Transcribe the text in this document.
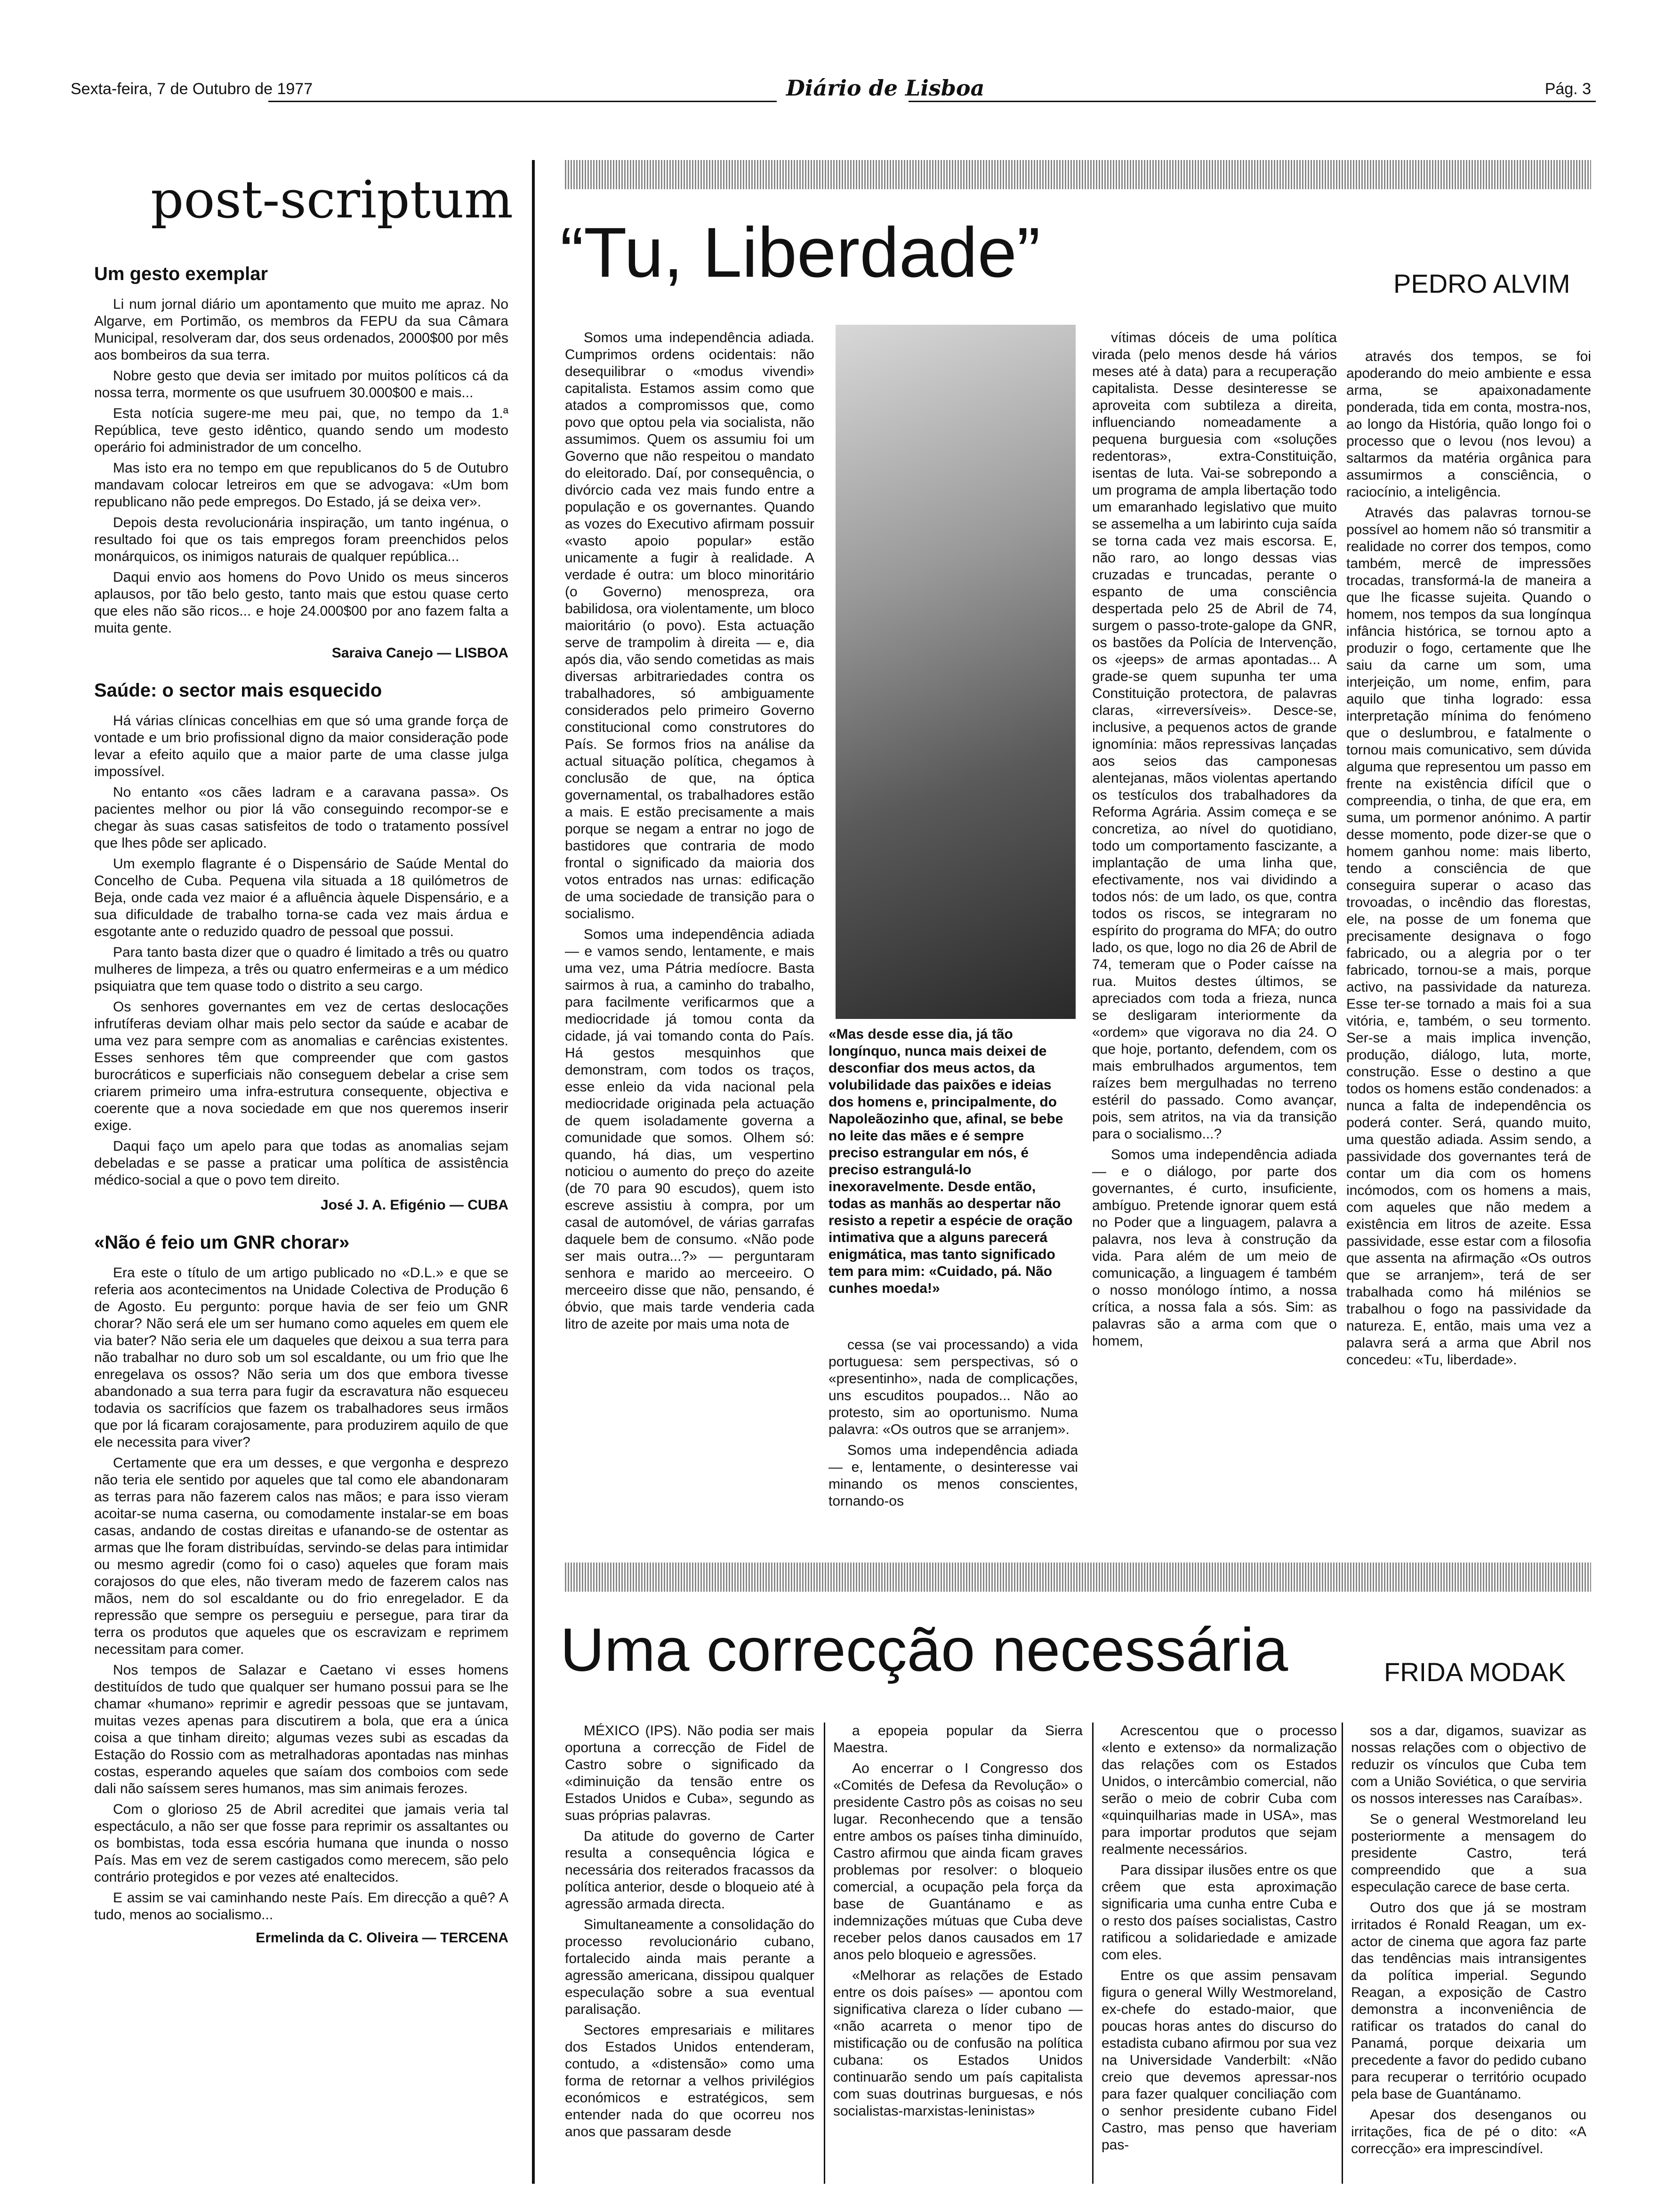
Sexta-feira, 7 de Outubro de 1977	Diário de Lisboa	Pág. 3
post-scriptum
Um gesto exemplar

Li num jornal diário um apontamento que muito me apraz. No Algarve, em Portimão, os membros da FEPU da sua Câmara Municipal, resolveram dar, dos seus ordenados, 2000$00 por mês aos bombeiros da sua terra.

Nobre gesto que devia ser imitado por muitos políticos cá da nossa terra, mormente os que usufruem 30.000$00 e mais...

Esta notícia sugere-me meu pai, que, no tempo da 1.ª República, teve gesto idêntico, quando sendo um modesto operário foi administrador de um concelho.

Mas isto era no tempo em que republicanos do 5 de Outubro mandavam colocar letreiros em que se advogava: «Um bom republicano não pede empregos. Do Estado, já se deixa ver».

Depois desta revolucionária inspiração, um tanto ingénua, o resultado foi que os tais empregos foram preenchidos pelos monárquicos, os inimigos naturais de qualquer república...

Daqui envio aos homens do Povo Unido os meus sinceros aplausos, por tão belo gesto, tanto mais que estou quase certo que eles não são ricos... e hoje 24.000$00 por ano fazem falta a muita gente.

Saraiva Canejo — LISBOA
Saúde: o sector mais esquecido

Há várias clínicas concelhias em que só uma grande força de vontade e um brio profissional digno da maior consideração pode levar a efeito aquilo que a maior parte de uma classe julga impossível.

No entanto «os cães ladram e a caravana passa». Os pacientes melhor ou pior lá vão conseguindo recompor-se e chegar às suas casas satisfeitos de todo o tratamento possível que lhes pôde ser aplicado.

Um exemplo flagrante é o Dispensário de Saúde Mental do Concelho de Cuba. Pequena vila situada a 18 quilómetros de Beja, onde cada vez maior é a afluência àquele Dispensário, e a sua dificuldade de trabalho torna-se cada vez mais árdua e esgotante ante o reduzido quadro de pessoal que possui.

Para tanto basta dizer que o quadro é limitado a três ou quatro mulheres de limpeza, a três ou quatro enfermeiras e a um médico psiquiatra que tem quase todo o distrito a seu cargo.

Os senhores governantes em vez de certas deslocações infrutíferas deviam olhar mais pelo sector da saúde e acabar de uma vez para sempre com as anomalias e carências existentes. Esses senhores têm que compreender que com gastos burocráticos e superficiais não conseguem debelar a crise sem criarem primeiro uma infra-estrutura consequente, objectiva e coerente que a nova sociedade em que nos queremos inserir exige.

Daqui faço um apelo para que todas as anomalias sejam debeladas e se passe a praticar uma política de assistência médico-social a que o povo tem direito.

José J. A. Efigénio — CUBA
«Não é feio um GNR chorar»

Era este o título de um artigo publicado no «D.L.» e que se referia aos acontecimentos na Unidade Colectiva de Produção 6 de Agosto. Eu pergunto: porque havia de ser feio um GNR chorar? Não será ele um ser humano como aqueles em quem ele via bater? Não seria ele um daqueles que deixou a sua terra para não trabalhar no duro sob um sol escaldante, ou um frio que lhe enregelava os ossos? Não seria um dos que embora tivesse abandonado a sua terra para fugir da escravatura não esqueceu todavia os sacrifícios que fazem os trabalhadores seus irmãos que por lá ficaram corajosamente, para produzirem aquilo de que ele necessita para viver?

Certamente que era um desses, e que vergonha e desprezo não teria ele sentido por aqueles que tal como ele abandonaram as terras para não fazerem calos nas mãos; e para isso vieram acoitar-se numa caserna, ou comodamente instalar-se em boas casas, andando de costas direitas e ufanando-se de ostentar as armas que lhe foram distribuídas, servindo-se delas para intimidar ou mesmo agredir (como foi o caso) aqueles que foram mais corajosos do que eles, não tiveram medo de fazerem calos nas mãos, nem do sol escaldante ou do frio enregelador. E da repressão que sempre os perseguiu e persegue, para tirar da terra os produtos que aqueles que os escravizam e reprimem necessitam para comer.

Nos tempos de Salazar e Caetano vi esses homens destituídos de tudo que qualquer ser humano possui para se lhe chamar «humano» reprimir e agredir pessoas que se juntavam, muitas vezes apenas para discutirem a bola, que era a única coisa a que tinham direito; algumas vezes subi as escadas da Estação do Rossio com as metralhadoras apontadas nas minhas costas, esperando aqueles que saíam dos comboios com sede dali não saíssem seres humanos, mas sim animais ferozes.

Com o glorioso 25 de Abril acreditei que jamais veria tal espectáculo, a não ser que fosse para reprimir os assaltantes ou os bombistas, toda essa escória humana que inunda o nosso País. Mas em vez de serem castigados como merecem, são pelo contrário protegidos e por vezes até enaltecidos.

E assim se vai caminhando neste País. Em direcção a quê? A tudo, menos ao socialismo...

Ermelinda da C. Oliveira — TERCENA
“Tu, Liberdade”	PEDRO ALVIM

Somos uma independência adiada. Cumprimos ordens ocidentais: não desequilibrar o «modus vivendi» capitalista. Estamos assim como que atados a compromissos que, como povo que optou pela via socialista, não assumimos. Quem os assumiu foi um Governo que não respeitou o mandato do eleitorado. Daí, por consequência, o divórcio cada vez mais fundo entre a população e os governantes. Quando as vozes do Executivo afirmam possuir «vasto apoio popular» estão unicamente a fugir à realidade. A verdade é outra: um bloco minoritário (o Governo) menospreza, ora babilidosa, ora violentamente, um bloco maioritário (o povo). Esta actuação serve de trampolim à direita — e, dia após dia, vão sendo cometidas as mais diversas arbitrariedades contra os trabalhadores, só ambiguamente considerados pelo primeiro Governo constitucional como construtores do País. Se formos frios na análise da actual situação política, chegamos à conclusão de que, na óptica governamental, os trabalhadores estão a mais. E estão precisamente a mais porque se negam a entrar no jogo de bastidores que contraria de modo frontal o significado da maioria dos votos entrados nas urnas: edificação de uma sociedade de transição para o socialismo.

Somos uma independência adiada — e vamos sendo, lentamente, e mais uma vez, uma Pátria medíocre. Basta sairmos à rua, a caminho do trabalho, para facilmente verificarmos que a mediocridade já tomou conta da cidade, já vai tomando conta do País. Há gestos mesquinhos que demonstram, com todos os traços, esse enleio da vida nacional pela mediocridade originada pela actuação de quem isoladamente governa a comunidade que somos. Olhem só: quando, há dias, um vespertino noticiou o aumento do preço do azeite (de 70 para 90 escudos), quem isto escreve assistiu à compra, por um casal de automóvel, de várias garrafas daquele bem de consumo. «Não pode ser mais outra...?» — perguntaram senhora e marido ao merceeiro. O merceeiro disse que não, pensando, é óbvio, que mais tarde venderia cada litro de azeite por mais uma nota de

«Mas desde esse dia, já tão longínquo, nunca mais deixei de desconfiar dos meus actos, da volubilidade das paixões e ideias dos homens e, principalmente, do Napoleãozinho que, afinal, se bebe no leite das mães e é sempre preciso estrangular em nós, é preciso estrangulá-lo inexoravelmente. Desde então, todas as manhãs ao despertar não resisto a repetir a espécie de oração intimativa que a alguns parecerá enigmática, mas tanto significado tem para mim: «Cuidado, pá. Não cunhes moeda!»

cessa (se vai processando) a vida portuguesa: sem perspectivas, só o «presentinho», nada de complicações, uns escuditos poupados... Não ao protesto, sim ao oportunismo. Numa palavra: «Os outros que se arranjem».

Somos uma independência adiada — e, lentamente, o desinteresse vai minando os menos conscientes, tornando-os

vítimas dóceis de uma política virada (pelo menos desde há vários meses até à data) para a recuperação capitalista. Desse desinteresse se aproveita com subtileza a direita, influenciando nomeadamente a pequena burguesia com «soluções redentoras», extra-Constituição, isentas de luta. Vai-se sobrepondo a um programa de ampla libertação todo um emaranhado legislativo que muito se assemelha a um labirinto cuja saída se torna cada vez mais escorsa. E, não raro, ao longo dessas vias cruzadas e truncadas, perante o espanto de uma consciência despertada pelo 25 de Abril de 74, surgem o passo-trote-galope da GNR, os bastões da Polícia de Intervenção, os «jeeps» de armas apontadas... A grade-se quem supunha ter uma Constituição protectora, de palavras claras, «irreversíveis». Desce-se, inclusive, a pequenos actos de grande ignomínia: mãos repressivas lançadas aos seios das camponesas alentejanas, mãos violentas apertando os testículos dos trabalhadores da Reforma Agrária. Assim começa e se concretiza, ao nível do quotidiano, todo um comportamento fascizante, a implantação de uma linha que, efectivamente, nos vai dividindo a todos nós: de um lado, os que, contra todos os riscos, se integraram no espírito do programa do MFA; do outro lado, os que, logo no dia 26 de Abril de 74, temeram que o Poder caísse na rua. Muitos destes últimos, se apreciados com toda a frieza, nunca se desligaram interiormente da «ordem» que vigorava no dia 24. O que hoje, portanto, defendem, com os mais embrulhados argumentos, tem raízes bem mergulhadas no terreno estéril do passado. Como avançar, pois, sem atritos, na via da transição para o socialismo...?

Somos uma independência adiada — e o diálogo, por parte dos governantes, é curto, insuficiente, ambíguo. Pretende ignorar quem está no Poder que a linguagem, palavra a palavra, nos leva à construção da vida. Para além de um meio de comunicação, a linguagem é também o nosso monólogo íntimo, a nossa crítica, a nossa fala a sós. Sim: as palavras são a arma com que o homem,

através dos tempos, se foi apoderando do meio ambiente e essa arma, se apaixonadamente ponderada, tida em conta, mostra-nos, ao longo da História, quão longo foi o processo que o levou (nos levou) a saltarmos da matéria orgânica para assumirmos a consciência, o raciocínio, a inteligência.

Através das palavras tornou-se possível ao homem não só transmitir a realidade no correr dos tempos, como também, mercê de impressões trocadas, transformá-la de maneira a que lhe ficasse sujeita. Quando o homem, nos tempos da sua longínqua infância histórica, se tornou apto a produzir o fogo, certamente que lhe saiu da carne um som, uma interjeição, um nome, enfim, para aquilo que tinha logrado: essa interpretação mínima do fenómeno que o deslumbrou, e fatalmente o tornou mais comunicativo, sem dúvida alguma que representou um passo em frente na existência difícil que o compreendia, o tinha, de que era, em suma, um pormenor anónimo. A partir desse momento, pode dizer-se que o homem ganhou nome: mais liberto, tendo a consciência de que conseguira superar o acaso das trovoadas, o incêndio das florestas, ele, na posse de um fonema que precisamente designava o fogo fabricado, ou a alegria por o ter fabricado, tornou-se a mais, porque activo, na passividade da natureza. Esse ter-se tornado a mais foi a sua vitória, e, também, o seu tormento. Ser-se a mais implica invenção, produção, diálogo, luta, morte, construção. Esse o destino a que todos os homens estão condenados: a nunca a falta de independência os poderá conter. Será, quando muito, uma questão adiada. Assim sendo, a passividade dos governantes terá de contar um dia com os homens incómodos, com os homens a mais, com aqueles que não medem a existência em litros de azeite. Essa passividade, esse estar com a filosofia que assenta na afirmação «Os outros que se arranjem», terá de ser trabalhada como há milénios se trabalhou o fogo na passividade da natureza. E, então, mais uma vez a palavra será a arma que Abril nos concedeu: «Tu, liberdade».

Uma correcção necessária	FRIDA MODAK

MÉXICO (IPS). Não podia ser mais oportuna a correcção de Fidel de Castro sobre o significado da «diminuição da tensão entre os Estados Unidos e Cuba», segundo as suas próprias palavras.

Da atitude do governo de Carter resulta a consequência lógica e necessária dos reiterados fracassos da política anterior, desde o bloqueio até à agressão armada directa.

Simultaneamente a consolidação do processo revolucionário cubano, fortalecido ainda mais perante a agressão americana, dissipou qualquer especulação sobre a sua eventual paralisação.

Sectores empresariais e militares dos Estados Unidos entenderam, contudo, a «distensão» como uma forma de retornar a velhos privilégios económicos e estratégicos, sem entender nada do que ocorreu nos anos que passaram desde

a epopeia popular da Sierra Maestra.

Ao encerrar o I Congresso dos «Comités de Defesa da Revolução» o presidente Castro pôs as coisas no seu lugar. Reconhecendo que a tensão entre ambos os países tinha diminuído, Castro afirmou que ainda ficam graves problemas por resolver: o bloqueio comercial, a ocupação pela força da base de Guantánamo e as indemnizações mútuas que Cuba deve receber pelos danos causados em 17 anos pelo bloqueio e agressões.

«Melhorar as relações de Estado entre os dois países» — apontou com significativa clareza o líder cubano — «não acarreta o menor tipo de mistificação ou de confusão na política cubana: os Estados Unidos continuarão sendo um país capitalista com suas doutrinas burguesas, e nós socialistas-marxistas-leninistas»

Acrescentou que o processo «lento e extenso» da normalização das relações com os Estados Unidos, o intercâmbio comercial, não serão o meio de cobrir Cuba com «quinquilharias made in USA», mas para importar produtos que sejam realmente necessários.

Para dissipar ilusões entre os que crêem que esta aproximação significaria uma cunha entre Cuba e o resto dos países socialistas, Castro ratificou a solidariedade e amizade com eles.

Entre os que assim pensavam figura o general Willy Westmoreland, ex-chefe do estado-maior, que poucas horas antes do discurso do estadista cubano afirmou por sua vez na Universidade Vanderbilt: «Não creio que devemos apressar-nos para fazer qualquer conciliação com o senhor presidente cubano Fidel Castro, mas penso que haveriam pas-

sos a dar, digamos, suavizar as nossas relações com o objectivo de reduzir os vínculos que Cuba tem com a União Soviética, o que serviria os nossos interesses nas Caraíbas».

Se o general Westmoreland leu posteriormente a mensagem do presidente Castro, terá compreendido que a sua especulação carece de base certa.

Outro dos que já se mostram irritados é Ronald Reagan, um ex-actor de cinema que agora faz parte das tendências mais intransigentes da política imperial. Segundo Reagan, a exposição de Castro demonstra a inconveniência de ratificar os tratados do canal do Panamá, porque deixaria um precedente a favor do pedido cubano para recuperar o território ocupado pela base de Guantánamo.

Apesar dos desenganos ou irritações, fica de pé o dito: «A correcção» era imprescindível.
